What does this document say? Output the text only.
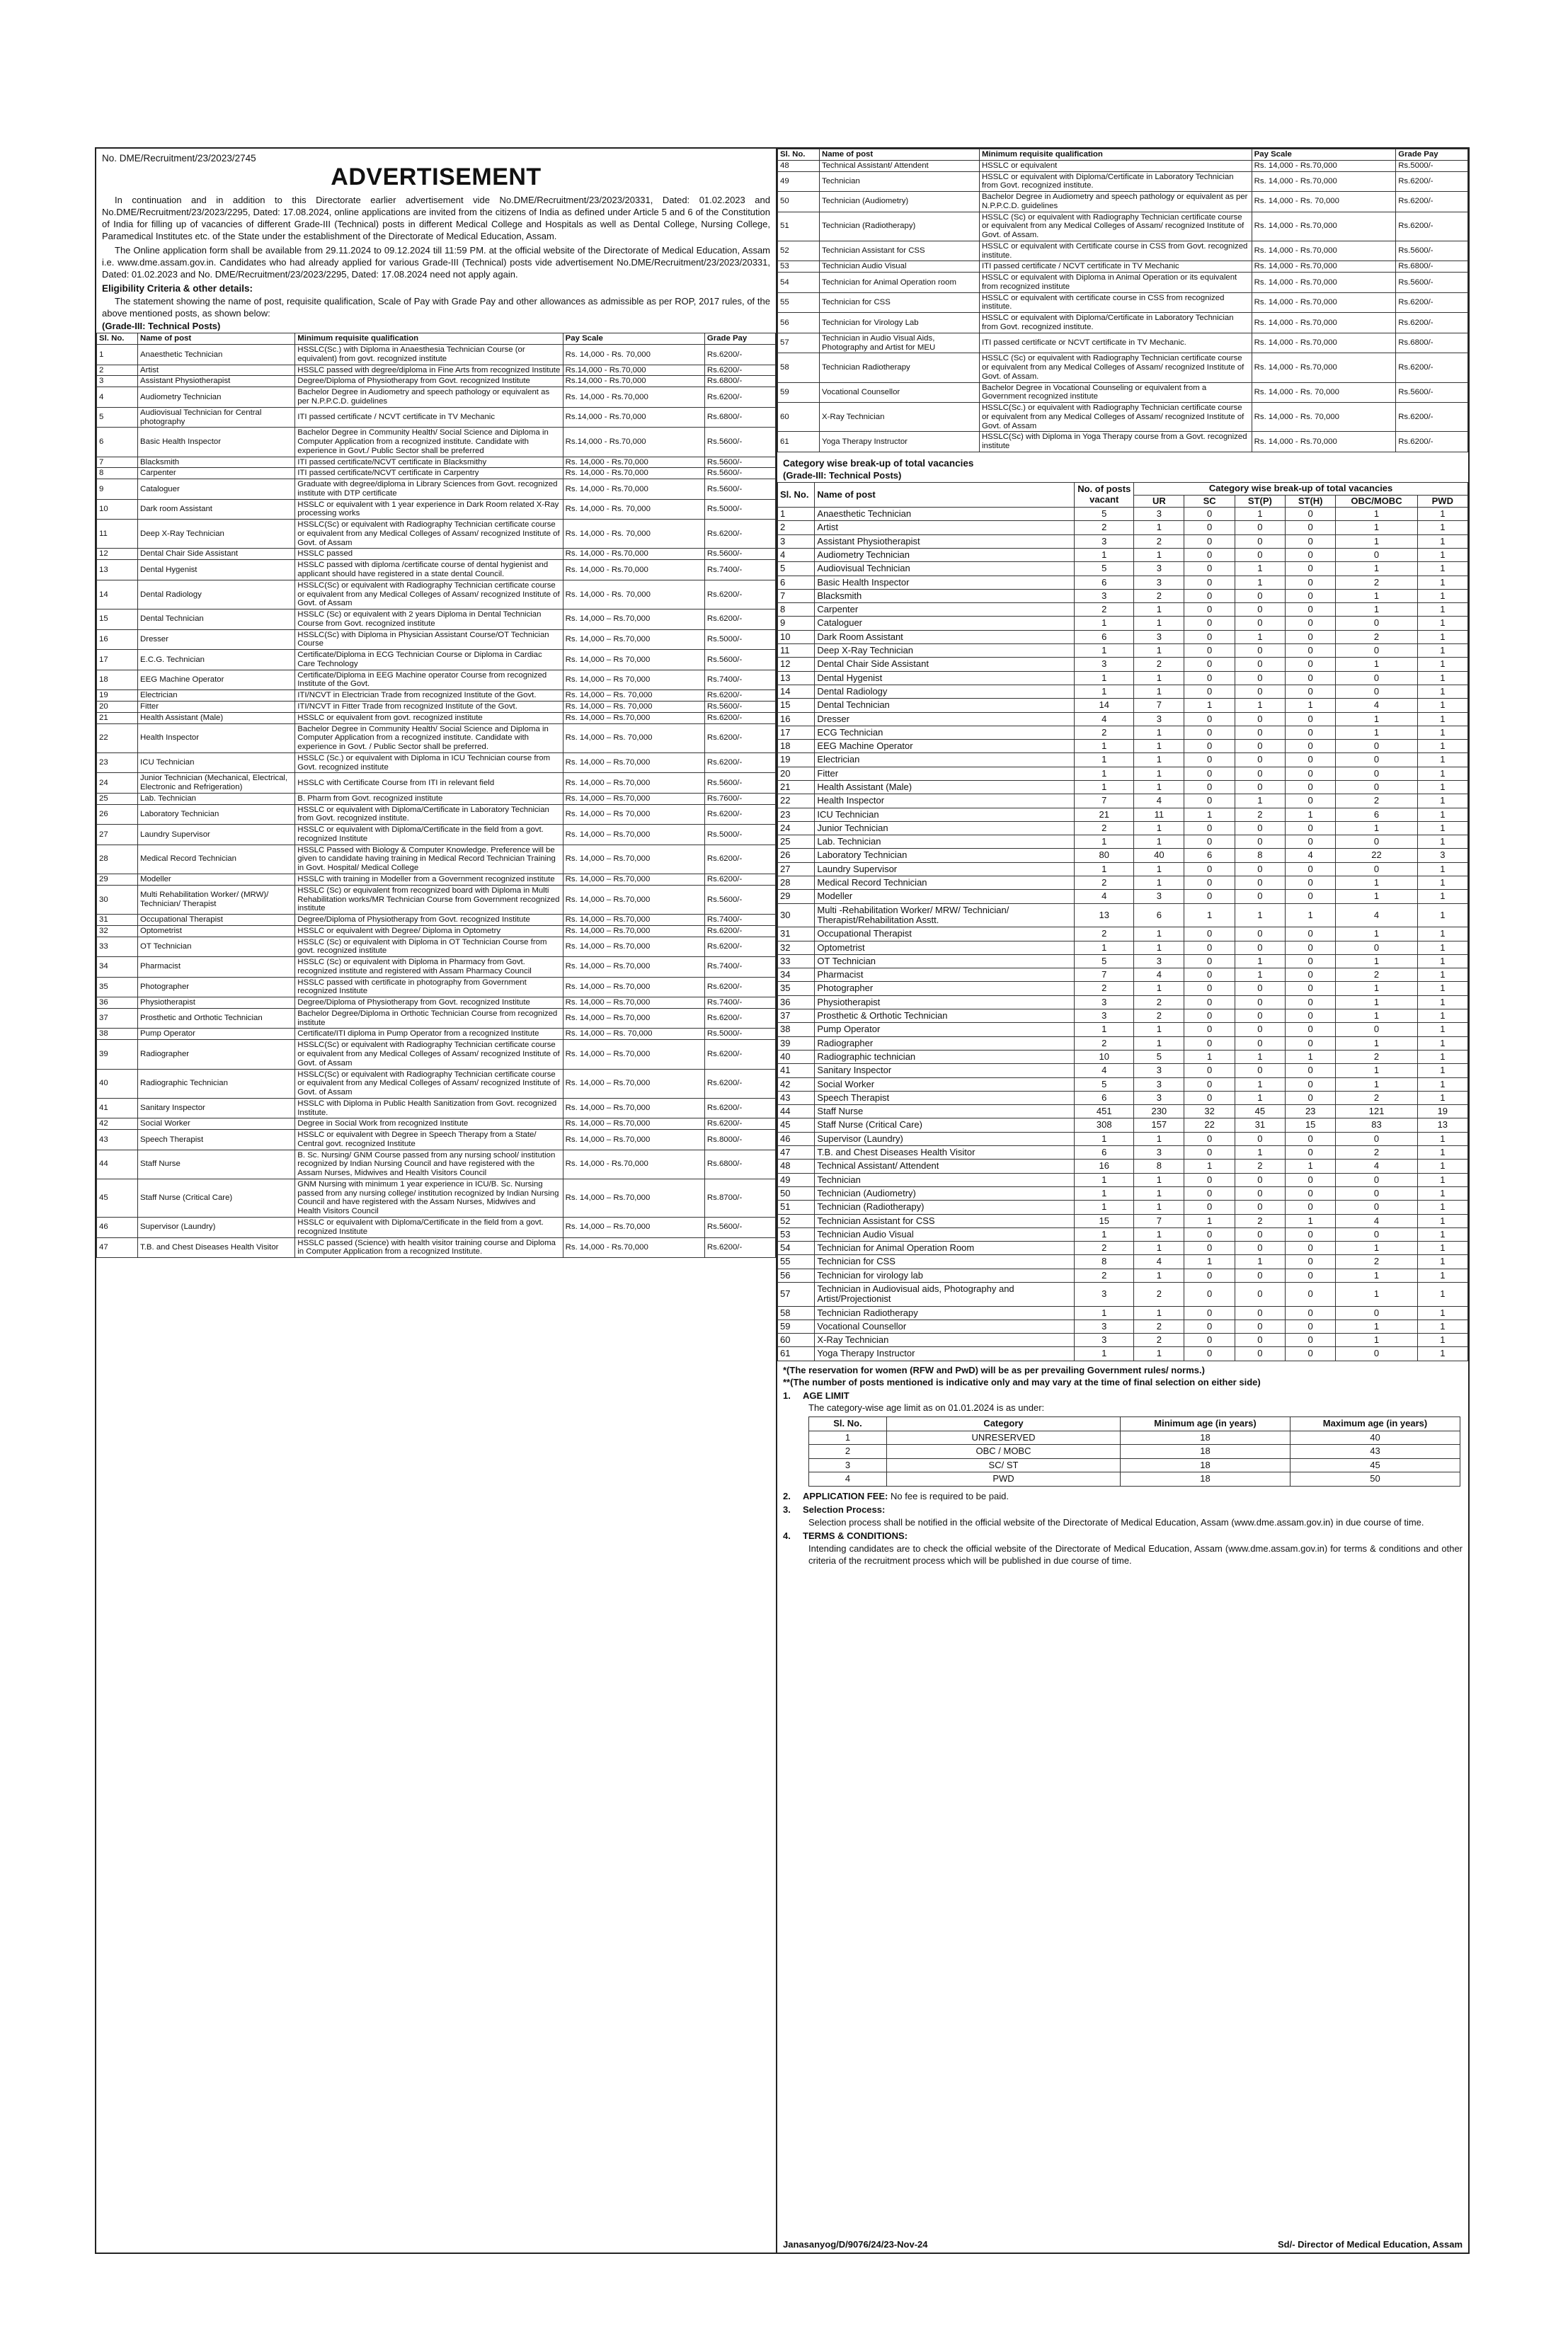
No. DME/Recruitment/23/2023/2745
ADVERTISEMENT

In continuation and in addition to this Directorate earlier advertisement vide No.DME/Recruitment/23/2023/20331, Dated: 01.02.2023 and No.DME/Recruitment/23/2023/2295, Dated: 17.08.2024, online applications are invited from the citizens of India as defined under Article 5 and 6 of the Constitution of India for filling up of vacancies of different Grade-III (Technical) posts in different Medical College and Hospitals as well as Dental College, Nursing College, Paramedical Institutes etc. of the State under the establishment of the Directorate of Medical Education, Assam.

The Online application form shall be available from 29.11.2024 to 09.12.2024 till 11:59 PM. at the official website of the Directorate of Medical Education, Assam i.e. www.dme.assam.gov.in. Candidates who had already applied for various Grade-III (Technical) posts vide advertisement No.DME/Recruitment/23/2023/20331, Dated: 01.02.2023 and No. DME/Recruitment/23/2023/2295, Dated: 17.08.2024 need not apply again.

Eligibility Criteria & other details:

The statement showing the name of post, requisite qualification, Scale of Pay with Grade Pay and other allowances as admissible as per ROP, 2017 rules, of the above mentioned posts, as shown below:

(Grade-III: Technical Posts)
Sl. No.	Name of post	Minimum requisite qualification	Pay Scale	Grade Pay
1	Anaesthetic Technician	HSSLC(Sc.) with Diploma in Anaesthesia Technician Course (or equivalent) from govt. recognized institute	Rs. 14,000 - Rs. 70,000	Rs.6200/-
2	Artist	HSSLC passed with degree/diploma in Fine Arts from recognized Institute	Rs.14,000 - Rs.70,000	Rs.6200/-
3	Assistant Physiotherapist	Degree/Diploma of Physiotherapy from Govt. recognized Institute	Rs.14,000 - Rs.70,000	Rs.6800/-
4	Audiometry Technician	Bachelor Degree in Audiometry and speech pathology or equivalent as per N.P.P.C.D. guidelines	Rs. 14,000 - Rs.70,000	Rs.6200/-
5	Audiovisual Technician for Central photography	ITI passed certificate / NCVT certificate in TV Mechanic	Rs.14,000 - Rs.70,000	Rs.6800/-
6	Basic Health Inspector	Bachelor Degree in Community Health/ Social Science and Diploma in Computer Application from a recognized institute. Candidate with experience in Govt./ Public Sector shall be preferred	Rs.14,000 - Rs.70,000	Rs.5600/-
7	Blacksmith	ITI passed certificate/NCVT certificate in Blacksmithy	Rs. 14,000 - Rs.70,000	Rs.5600/-
8	Carpenter	ITI passed certificate/NCVT certificate in Carpentry	Rs. 14,000 - Rs.70,000	Rs.5600/-
9	Cataloguer	Graduate with degree/diploma in Library Sciences from Govt. recognized institute with DTP certificate	Rs. 14,000 - Rs.70,000	Rs.5600/-
10	Dark room Assistant	HSSLC or equivalent with 1 year experience in Dark Room related X-Ray processing works	Rs. 14,000 - Rs. 70,000	Rs.5000/-
11	Deep X-Ray Technician	HSSLC(Sc) or equivalent with Radiography Technician certificate course or equivalent from any Medical Colleges of Assam/ recognized Institute of Govt. of Assam	Rs. 14,000 - Rs. 70,000	Rs.6200/-
12	Dental Chair Side Assistant	HSSLC passed	Rs. 14,000 - Rs.70,000	Rs.5600/-
13	Dental Hygenist	HSSLC passed with diploma /certificate course of dental hygienist and applicant should have registered in a state dental Council.	Rs. 14,000 - Rs.70,000	Rs.7400/-
14	Dental Radiology	HSSLC(Sc) or equivalent with Radiography Technician certificate course or equivalent from any Medical Colleges of Assam/ recognized Institute of Govt. of Assam	Rs. 14,000 - Rs. 70,000	Rs.6200/-
15	Dental Technician	HSSLC (Sc) or equivalent with 2 years Diploma in Dental Technician Course from Govt. recognized institute	Rs. 14,000 – Rs.70,000	Rs.6200/-
16	Dresser	HSSLC(Sc) with Diploma in Physician Assistant Course/OT Technician Course	Rs. 14,000 – Rs.70,000	Rs.5000/-
17	E.C.G. Technician	Certificate/Diploma in ECG Technician Course or Diploma in Cardiac Care Technology	Rs. 14,000 – Rs 70,000	Rs.5600/-
18	EEG Machine Operator	Certificate/Diploma in EEG Machine operator Course from recognized Institute of the Govt.	Rs. 14,000 – Rs 70,000	Rs.7400/-
19	Electrician	ITI/NCVT in Electrician Trade from recognized Institute of the Govt.	Rs. 14,000 – Rs. 70,000	Rs.6200/-
20	Fitter	ITI/NCVT in Fitter Trade from recognized Institute of the Govt.	Rs. 14,000 – Rs. 70,000	Rs.5600/-
21	Health Assistant (Male)	HSSLC or equivalent from govt. recognized institute	Rs. 14,000 – Rs.70,000	Rs.6200/-
22	Health Inspector	Bachelor Degree in Community Health/ Social Science and Diploma in Computer Application from a recognized institute. Candidate with experience in Govt. / Public Sector shall be preferred.	Rs. 14,000 – Rs. 70,000	Rs.6200/-
23	ICU Technician	HSSLC (Sc.) or equivalent with Diploma in ICU Technician course from Govt. recognized institute	Rs. 14,000 – Rs.70,000	Rs.6200/-
24	Junior Technician (Mechanical, Electrical, Electronic and Refrigeration)	HSSLC with Certificate Course from ITI in relevant field	Rs. 14,000 – Rs.70,000	Rs.5600/-
25	Lab. Technician	B. Pharm from Govt. recognized institute	Rs. 14,000 – Rs.70,000	Rs.7600/-
26	Laboratory Technician	HSSLC or equivalent with Diploma/Certificate in Laboratory Technician from Govt. recognized institute.	Rs. 14,000 – Rs 70,000	Rs.6200/-
27	Laundry Supervisor	HSSLC or equivalent with Diploma/Certificate in the field from a govt. recognized Institute	Rs. 14,000 – Rs.70,000	Rs.5000/-
28	Medical Record Technician	HSSLC Passed with Biology & Computer Knowledge. Preference will be given to candidate having training in Medical Record Technician Training in Govt. Hospital/ Medical College	Rs. 14,000 – Rs.70,000	Rs.6200/-
29	Modeller	HSSLC with training in Modeller from a Government recognized institute	Rs. 14,000 – Rs.70,000	Rs.6200/-
30	Multi Rehabilitation Worker/ (MRW)/ Technician/ Therapist	HSSLC (Sc) or equivalent from recognized board with Diploma in Multi Rehabilitation works/MR Technician Course from Government recognized institute	Rs. 14,000 – Rs.70,000	Rs.5600/-
31	Occupational Therapist	Degree/Diploma of Physiotherapy from Govt. recognized Institute	Rs. 14,000 – Rs.70,000	Rs.7400/-
32	Optometrist	HSSLC or equivalent with Degree/ Diploma in Optometry	Rs. 14,000 – Rs.70,000	Rs.6200/-
33	OT Technician	HSSLC (Sc) or equivalent with Diploma in OT Technician Course from govt. recognized institute	Rs. 14,000 – Rs.70,000	Rs.6200/-
34	Pharmacist	HSSLC (Sc) or equivalent with Diploma in Pharmacy from Govt. recognized institute and registered with Assam Pharmacy Council	Rs. 14,000 – Rs.70,000	Rs.7400/-
35	Photographer	HSSLC passed with certificate in photography from Government recognized Institute	Rs. 14,000 – Rs.70,000	Rs.6200/-
36	Physiotherapist	Degree/Diploma of Physiotherapy from Govt. recognized Institute	Rs. 14,000 – Rs.70,000	Rs.7400/-
37	Prosthetic and Orthotic Technician	Bachelor Degree/Diploma in Orthotic Technician Course from recognized institute	Rs. 14,000 – Rs.70,000	Rs.6200/-
38	Pump Operator	Certificate/ITI diploma in Pump Operator from a recognized Institute	Rs. 14,000 – Rs. 70,000	Rs.5000/-
39	Radiographer	HSSLC(Sc) or equivalent with Radiography Technician certificate course or equivalent from any Medical Colleges of Assam/ recognized Institute of Govt. of Assam	Rs. 14,000 – Rs.70,000	Rs.6200/-
40	Radiographic Technician	HSSLC(Sc) or equivalent with Radiography Technician certificate course or equivalent from any Medical Colleges of Assam/ recognized Institute of Govt. of Assam	Rs. 14,000 – Rs.70,000	Rs.6200/-
41	Sanitary Inspector	HSSLC with Diploma in Public Health Sanitization from Govt. recognized Institute.	Rs. 14,000 – Rs.70,000	Rs.6200/-
42	Social Worker	Degree in Social Work from recognized Institute	Rs. 14,000 – Rs.70,000	Rs.6200/-
43	Speech Therapist	HSSLC or equivalent with Degree in Speech Therapy from a State/ Central govt. recognized Institute	Rs. 14,000 – Rs.70,000	Rs.8000/-
44	Staff Nurse	B. Sc. Nursing/ GNM Course passed from any nursing school/ institution recognized by Indian Nursing Council and have registered with the Assam Nurses, Midwives and Health Visitors Council	Rs. 14,000 - Rs.70,000	Rs.6800/-
45	Staff Nurse (Critical Care)	GNM Nursing with minimum 1 year experience in ICU/B. Sc. Nursing passed from any nursing college/ institution recognized by Indian Nursing Council and have registered with the Assam Nurses, Midwives and Health Visitors Council	Rs. 14,000 – Rs.70,000	Rs.8700/-
46	Supervisor (Laundry)	HSSLC or equivalent with Diploma/Certificate in the field from a govt. recognized Institute	Rs. 14,000 – Rs.70,000	Rs.5600/-
47	T.B. and Chest Diseases Health Visitor	HSSLC passed (Science) with health visitor training course and Diploma in Computer Application from a recognized Institute.	Rs. 14,000 - Rs.70,000	Rs.6200/-
Sl. No.	Name of post	Minimum requisite qualification	Pay Scale	Grade Pay
48	Technical Assistant/ Attendent	HSSLC or equivalent	Rs. 14,000 - Rs.70,000	Rs.5000/-
49	Technician	HSSLC or equivalent with Diploma/Certificate in Laboratory Technician from Govt. recognized institute.	Rs. 14,000 - Rs.70,000	Rs.6200/-
50	Technician (Audiometry)	Bachelor Degree in Audiometry and speech pathology or equivalent as per N.P.P.C.D. guidelines	Rs. 14,000 - Rs. 70,000	Rs.6200/-
51	Technician (Radiotherapy)	HSSLC (Sc) or equivalent with Radiography Technician certificate course or equivalent from any Medical Colleges of Assam/ recognized Institute of Govt. of Assam.	Rs. 14,000 - Rs.70,000	Rs.6200/-
52	Technician Assistant for CSS	HSSLC or equivalent with Certificate course in CSS from Govt. recognized institute.	Rs. 14,000 - Rs.70,000	Rs.5600/-
53	Technician Audio Visual	ITI passed certificate / NCVT certificate in TV Mechanic	Rs. 14,000 - Rs.70,000	Rs.6800/-
54	Technician for Animal Operation room	HSSLC or equivalent with Diploma in Animal Operation or its equivalent from recognized institute	Rs. 14,000 - Rs.70,000	Rs.5600/-
55	Technician for CSS	HSSLC or equivalent with certificate course in CSS from recognized institute.	Rs. 14,000 - Rs.70,000	Rs.6200/-
56	Technician for Virology Lab	HSSLC or equivalent with Diploma/Certificate in Laboratory Technician from Govt. recognized institute.	Rs. 14,000 - Rs.70,000	Rs.6200/-
57	Technician in Audio Visual Aids, Photography and Artist for MEU	ITI passed certificate or NCVT certificate in TV Mechanic.	Rs. 14,000 - Rs.70,000	Rs.6800/-
58	Technician Radiotherapy	HSSLC (Sc) or equivalent with Radiography Technician certificate course or equivalent from any Medical Colleges of Assam/ recognized Institute of Govt. of Assam.	Rs. 14,000 - Rs.70,000	Rs.6200/-
59	Vocational Counsellor	Bachelor Degree in Vocational Counseling or equivalent from a Government recognized institute	Rs. 14,000 - Rs. 70,000	Rs.5600/-
60	X-Ray Technician	HSSLC(Sc.) or equivalent with Radiography Technician certificate course or equivalent from any Medical Colleges of Assam/ recognized Institute of Govt. of Assam	Rs. 14,000 - Rs. 70,000	Rs.6200/-
61	Yoga Therapy Instructor	HSSLC(Sc) with Diploma in Yoga Therapy course from a Govt. recognized institute	Rs. 14,000 - Rs.70,000	Rs.6200/-
Category wise break-up of total vacancies
(Grade-III: Technical Posts)
Sl. No.	Name of post	No. of posts vacant	Category wise break-up of total vacancies					
			UR	SC	ST(P)	ST(H)	OBC/MOBC	PWD
1	Anaesthetic Technician	5	3	0	1	0	1	1
2	Artist	2	1	0	0	0	1	1
3	Assistant Physiotherapist	3	2	0	0	0	1	1
4	Audiometry Technician	1	1	0	0	0	0	1
5	Audiovisual Technician	5	3	0	1	0	1	1
6	Basic Health Inspector	6	3	0	1	0	2	1
7	Blacksmith	3	2	0	0	0	1	1
8	Carpenter	2	1	0	0	0	1	1
9	Cataloguer	1	1	0	0	0	0	1
10	Dark Room Assistant	6	3	0	1	0	2	1
11	Deep X-Ray Technician	1	1	0	0	0	0	1
12	Dental Chair Side Assistant	3	2	0	0	0	1	1
13	Dental Hygenist	1	1	0	0	0	0	1
14	Dental Radiology	1	1	0	0	0	0	1
15	Dental Technician	14	7	1	1	1	4	1
16	Dresser	4	3	0	0	0	1	1
17	ECG Technician	2	1	0	0	0	1	1
18	EEG Machine Operator	1	1	0	0	0	0	1
19	Electrician	1	1	0	0	0	0	1
20	Fitter	1	1	0	0	0	0	1
21	Health Assistant (Male)	1	1	0	0	0	0	1
22	Health Inspector	7	4	0	1	0	2	1
23	ICU Technician	21	11	1	2	1	6	1
24	Junior Technician	2	1	0	0	0	1	1
25	Lab. Technician	1	1	0	0	0	0	1
26	Laboratory Technician	80	40	6	8	4	22	3
27	Laundry Supervisor	1	1	0	0	0	0	1
28	Medical Record Technician	2	1	0	0	0	1	1
29	Modeller	4	3	0	0	0	1	1
30	Multi -Rehabilitation Worker/ MRW/ Technician/ Therapist/Rehabilitation Asstt.	13	6	1	1	1	4	1
31	Occupational Therapist	2	1	0	0	0	1	1
32	Optometrist	1	1	0	0	0	0	1
33	OT Technician	5	3	0	1	0	1	1
34	Pharmacist	7	4	0	1	0	2	1
35	Photographer	2	1	0	0	0	1	1
36	Physiotherapist	3	2	0	0	0	1	1
37	Prosthetic & Orthotic Technician	3	2	0	0	0	1	1
38	Pump Operator	1	1	0	0	0	0	1
39	Radiographer	2	1	0	0	0	1	1
40	Radiographic technician	10	5	1	1	1	2	1
41	Sanitary Inspector	4	3	0	0	0	1	1
42	Social Worker	5	3	0	1	0	1	1
43	Speech Therapist	6	3	0	1	0	2	1
44	Staff Nurse	451	230	32	45	23	121	19
45	Staff Nurse (Critical Care)	308	157	22	31	15	83	13
46	Supervisor (Laundry)	1	1	0	0	0	0	1
47	T.B. and Chest Diseases Health Visitor	6	3	0	1	0	2	1
48	Technical Assistant/ Attendent	16	8	1	2	1	4	1
49	Technician	1	1	0	0	0	0	1
50	Technician (Audiometry)	1	1	0	0	0	0	1
51	Technician (Radiotherapy)	1	1	0	0	0	0	1
52	Technician Assistant for CSS	15	7	1	2	1	4	1
53	Technician Audio Visual	1	1	0	0	0	0	1
54	Technician for Animal Operation Room	2	1	0	0	0	1	1
55	Technician for CSS	8	4	1	1	0	2	1
56	Technician for virology lab	2	1	0	0	0	1	1
57	Technician in Audiovisual aids, Photography and Artist/Projectionist	3	2	0	0	0	1	1
58	Technician Radiotherapy	1	1	0	0	0	0	1
59	Vocational Counsellor	3	2	0	0	0	1	1
60	X-Ray Technician	3	2	0	0	0	1	1
61	Yoga Therapy Instructor	1	1	0	0	0	0	1
*(The reservation for women (RFW and PwD) will be as per prevailing Government rules/ norms.)
**(The number of posts mentioned is indicative only and may vary at the time of final selection on either side)
1. AGE LIMIT
The category-wise age limit as on 01.01.2024 is as under:
Sl. No.	Category	Minimum age (in years)	Maximum age (in years)
1	UNRESERVED	18	40
2	OBC / MOBC	18	43
3	SC/ ST	18	45
4	PWD	18	50
2. APPLICATION FEE: No fee is required to be paid.
3. Selection Process:
Selection process shall be notified in the official website of the Directorate of Medical Education, Assam (www.dme.assam.gov.in) in due course of time.
4. TERMS & CONDITIONS:
Intending candidates are to check the official website of the Directorate of Medical Education, Assam (www.dme.assam.gov.in) for terms & conditions and other criteria of the recruitment process which will be published in due course of time.
Janasanyog/D/9076/24/23-Nov-24	Sd/- Director of Medical Education, Assam
